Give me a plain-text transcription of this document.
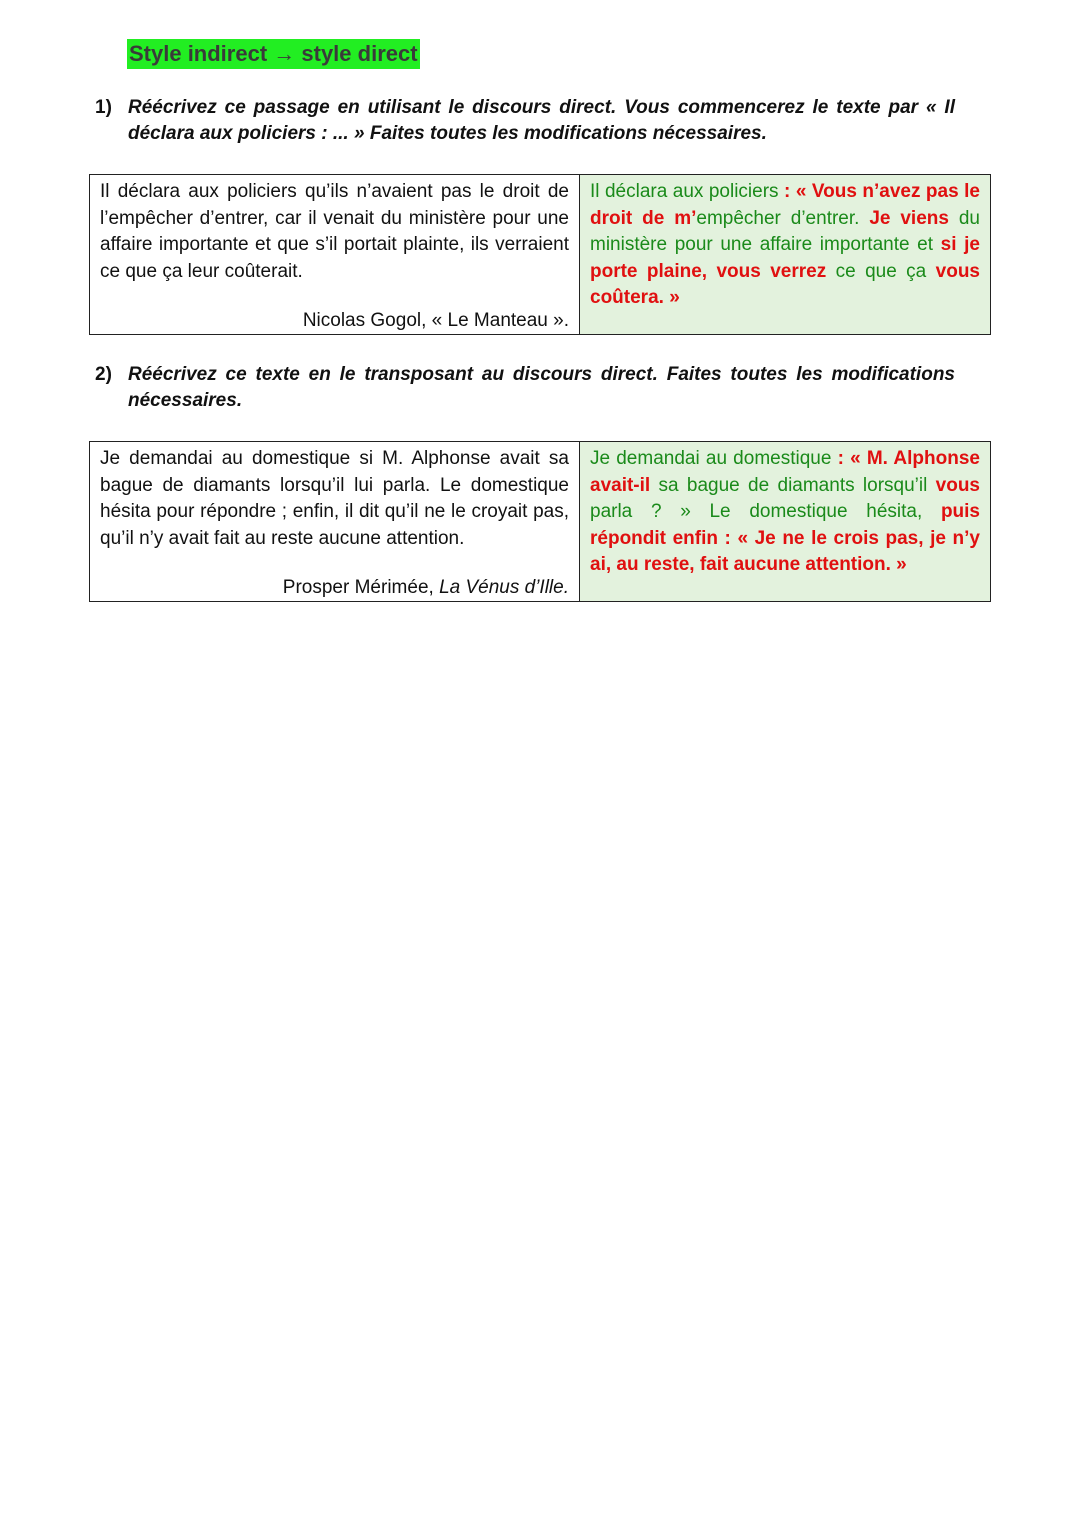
Style indirect → style direct
1) Réécrivez ce passage en utilisant le discours direct. Vous commencerez le texte par « Il déclara aux policiers : ... » Faites toutes les modifications nécessaires.
Il déclara aux policiers qu’ils n’avaient pas le droit de l’empêcher d’entrer, car il venait du ministère pour une affaire importante et que s’il portait plainte, ils verraient ce que ça leur coûterait.
Nicolas Gogol, « Le Manteau ».
	Il déclara aux policiers : « Vous n’avez pas le droit de m’empêcher d’entrer. Je viens du ministère pour une affaire importante et si je porte plaine, vous verrez ce que ça vous coûtera. »
2) Réécrivez ce texte en le transposant au discours direct. Faites toutes les modifications nécessaires.
Je demandai au domestique si M. Alphonse avait sa bague de diamants lorsqu’il lui parla. Le domestique hésita pour répondre ; enfin, il dit qu’il ne le croyait pas, qu’il n’y avait fait au reste aucune attention.
Prosper Mérimée, La Vénus d’Ille.
	Je demandai au domestique : « M. Alphonse avait-il sa bague de diamants lorsqu’il vous parla ? » Le domestique hésita, puis répondit enfin : « Je ne le crois pas, je n’y ai, au reste, fait aucune attention. »
